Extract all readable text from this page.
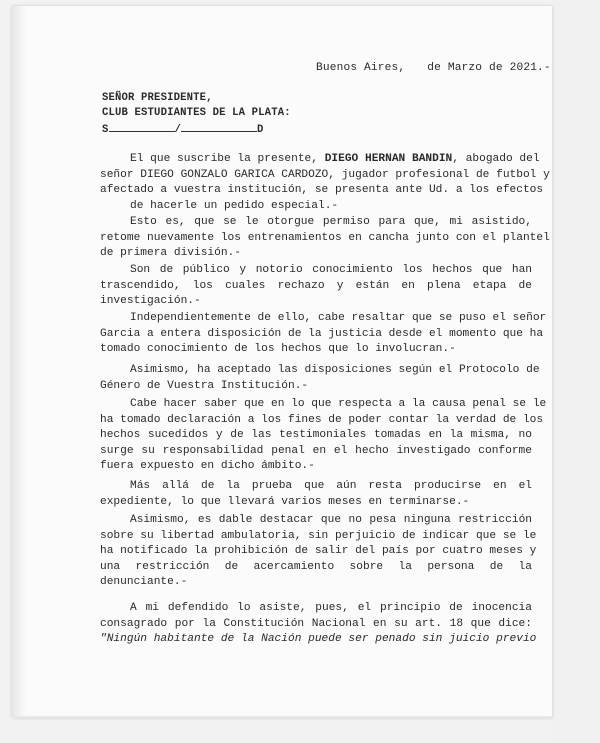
Buenos Aires, de Marzo de 2021.-
SEÑOR PRESIDENTE,
CLUB ESTUDIANTES DE LA PLATA:
S	/	D
El que suscribe la presente, DIEGO HERNAN BANDIN, abogado del
señor DIEGO GONZALO GARICA CARDOZO, jugador profesional de futbol y
afectado a vuestra institución, se presenta ante Ud. a los efectos
de hacerle un pedido especial.-
Esto es, que se le otorgue permiso para que, mi asistido,
retome nuevamente los entrenamientos en cancha junto con el plantel
de primera división.-
Son de público y notorio conocimiento los hechos que han
trascendido, los cuales rechazo y están en plena etapa de
investigación.-
Independientemente de ello, cabe resaltar que se puso el señor
Garcia a entera disposición de la justicia desde el momento que ha
tomado conocimiento de los hechos que lo involucran.-
Asimismo, ha aceptado las disposiciones según el Protocolo de
Género de Vuestra Institución.-
Cabe hacer saber que en lo que respecta a la causa penal se le
ha tomado declaración a los fines de poder contar la verdad de los
hechos sucedidos y de las testimoniales tomadas en la misma, no
surge su responsabilidad penal en el hecho investigado conforme
fuera expuesto en dicho ámbito.-
Más allá de la prueba que aún resta producirse en el
expediente, lo que llevará varios meses en terminarse.-
Asimismo, es dable destacar que no pesa ninguna restricción
sobre su libertad ambulatoria, sin perjuicio de indicar que se le
ha notificado la prohibición de salir del país por cuatro meses y
una restricción de acercamiento sobre la persona de la
denunciante.-
A mi defendido lo asiste, pues, el principio de inocencia
consagrado por la Constitución Nacional en su art. 18 que dice:
"Ningún habitante de la Nación puede ser penado sin juicio previo
